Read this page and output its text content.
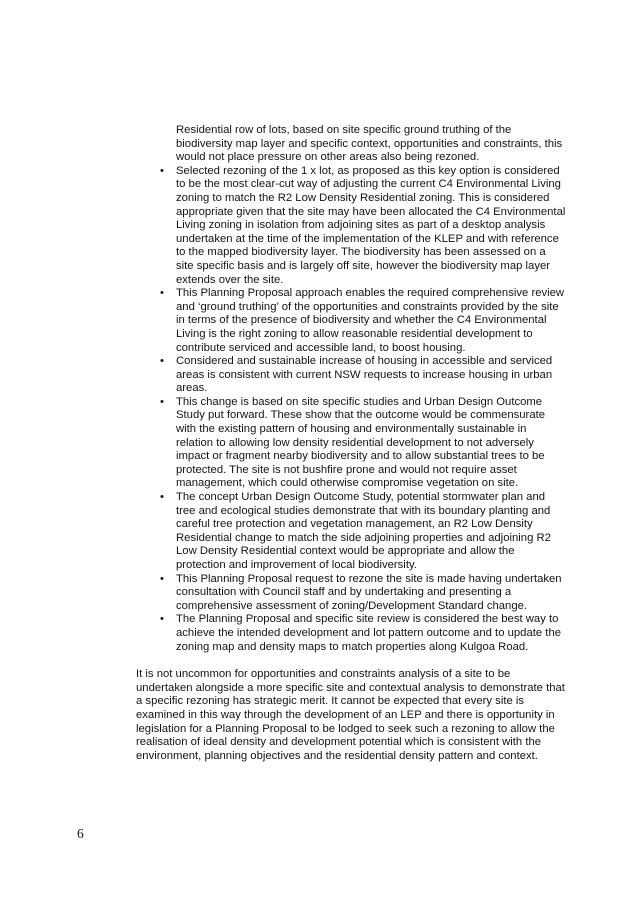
Residential row of lots, based on site specific ground truthing of the biodiversity map layer and specific context, opportunities and constraints, this would not place pressure on other areas also being rezoned.
•	Selected rezoning of the 1 x lot, as proposed as this key option is considered to be the most clear-cut way of adjusting the current C4 Environmental Living zoning to match the R2 Low Density Residential zoning. This is considered appropriate given that the site may have been allocated the C4 Environmental Living zoning in isolation from adjoining sites as part of a desktop analysis undertaken at the time of the implementation of the KLEP and with reference to the mapped biodiversity layer. The biodiversity has been assessed on a site specific basis and is largely off site, however the biodiversity map layer extends over the site.
•	This Planning Proposal approach enables the required comprehensive review and ‘ground truthing’ of the opportunities and constraints provided by the site in terms of the presence of biodiversity and whether the C4 Environmental Living is the right zoning to allow reasonable residential development to contribute serviced and accessible land, to boost housing.
•	Considered and sustainable increase of housing in accessible and serviced areas is consistent with current NSW requests to increase housing in urban areas.
•	This change is based on site specific studies and Urban Design Outcome Study put forward. These show that the outcome would be commensurate with the existing pattern of housing and environmentally sustainable in relation to allowing low density residential development to not adversely impact or fragment nearby biodiversity and to allow substantial trees to be protected. The site is not bushfire prone and would not require asset management, which could otherwise compromise vegetation on site.
•	The concept Urban Design Outcome Study, potential stormwater plan and tree and ecological studies demonstrate that with its boundary planting and careful tree protection and vegetation management, an R2 Low Density Residential change to match the side adjoining properties and adjoining R2 Low Density Residential context would be appropriate and allow the protection and improvement of local biodiversity.
•	This Planning Proposal request to rezone the site is made having undertaken consultation with Council staff and by undertaking and presenting a comprehensive assessment of zoning/Development Standard change.
•	The Planning Proposal and specific site review is considered the best way to achieve the intended development and lot pattern outcome and to update the zoning map and density maps to match properties along Kulgoa Road.

It is not uncommon for opportunities and constraints analysis of a site to be undertaken alongside a more specific site and contextual analysis to demonstrate that a specific rezoning has strategic merit. It cannot be expected that every site is examined in this way through the development of an LEP and there is opportunity in legislation for a Planning Proposal to be lodged to seek such a rezoning to allow the realisation of ideal density and development potential which is consistent with the environment, planning objectives and the residential density pattern and context.

6
